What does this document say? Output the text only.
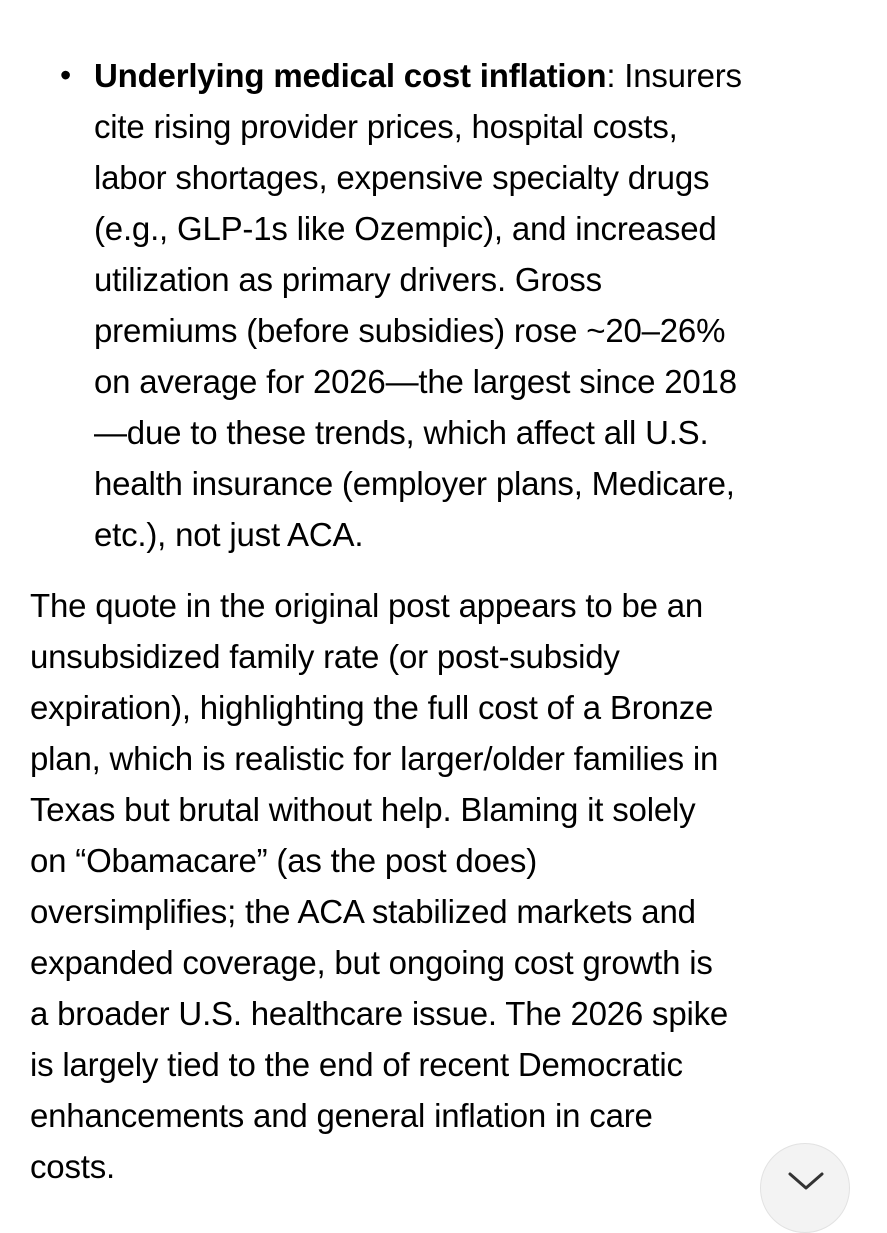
• Underlying medical cost inflation: Insurers
cite rising provider prices, hospital costs,
labor shortages, expensive specialty drugs
(e.g., GLP-1s like Ozempic), and increased
utilization as primary drivers. Gross
premiums (before subsidies) rose ~20–26%
on average for 2026—the largest since 2018
—due to these trends, which affect all U.S.
health insurance (employer plans, Medicare,
etc.), not just ACA.
The quote in the original post appears to be an
unsubsidized family rate (or post-subsidy
expiration), highlighting the full cost of a Bronze
plan, which is realistic for larger/older families in
Texas but brutal without help. Blaming it solely
on “Obamacare” (as the post does)
oversimplifies; the ACA stabilized markets and
expanded coverage, but ongoing cost growth is
a broader U.S. healthcare issue. The 2026 spike
is largely tied to the end of recent Democratic
enhancements and general inflation in care
costs.
